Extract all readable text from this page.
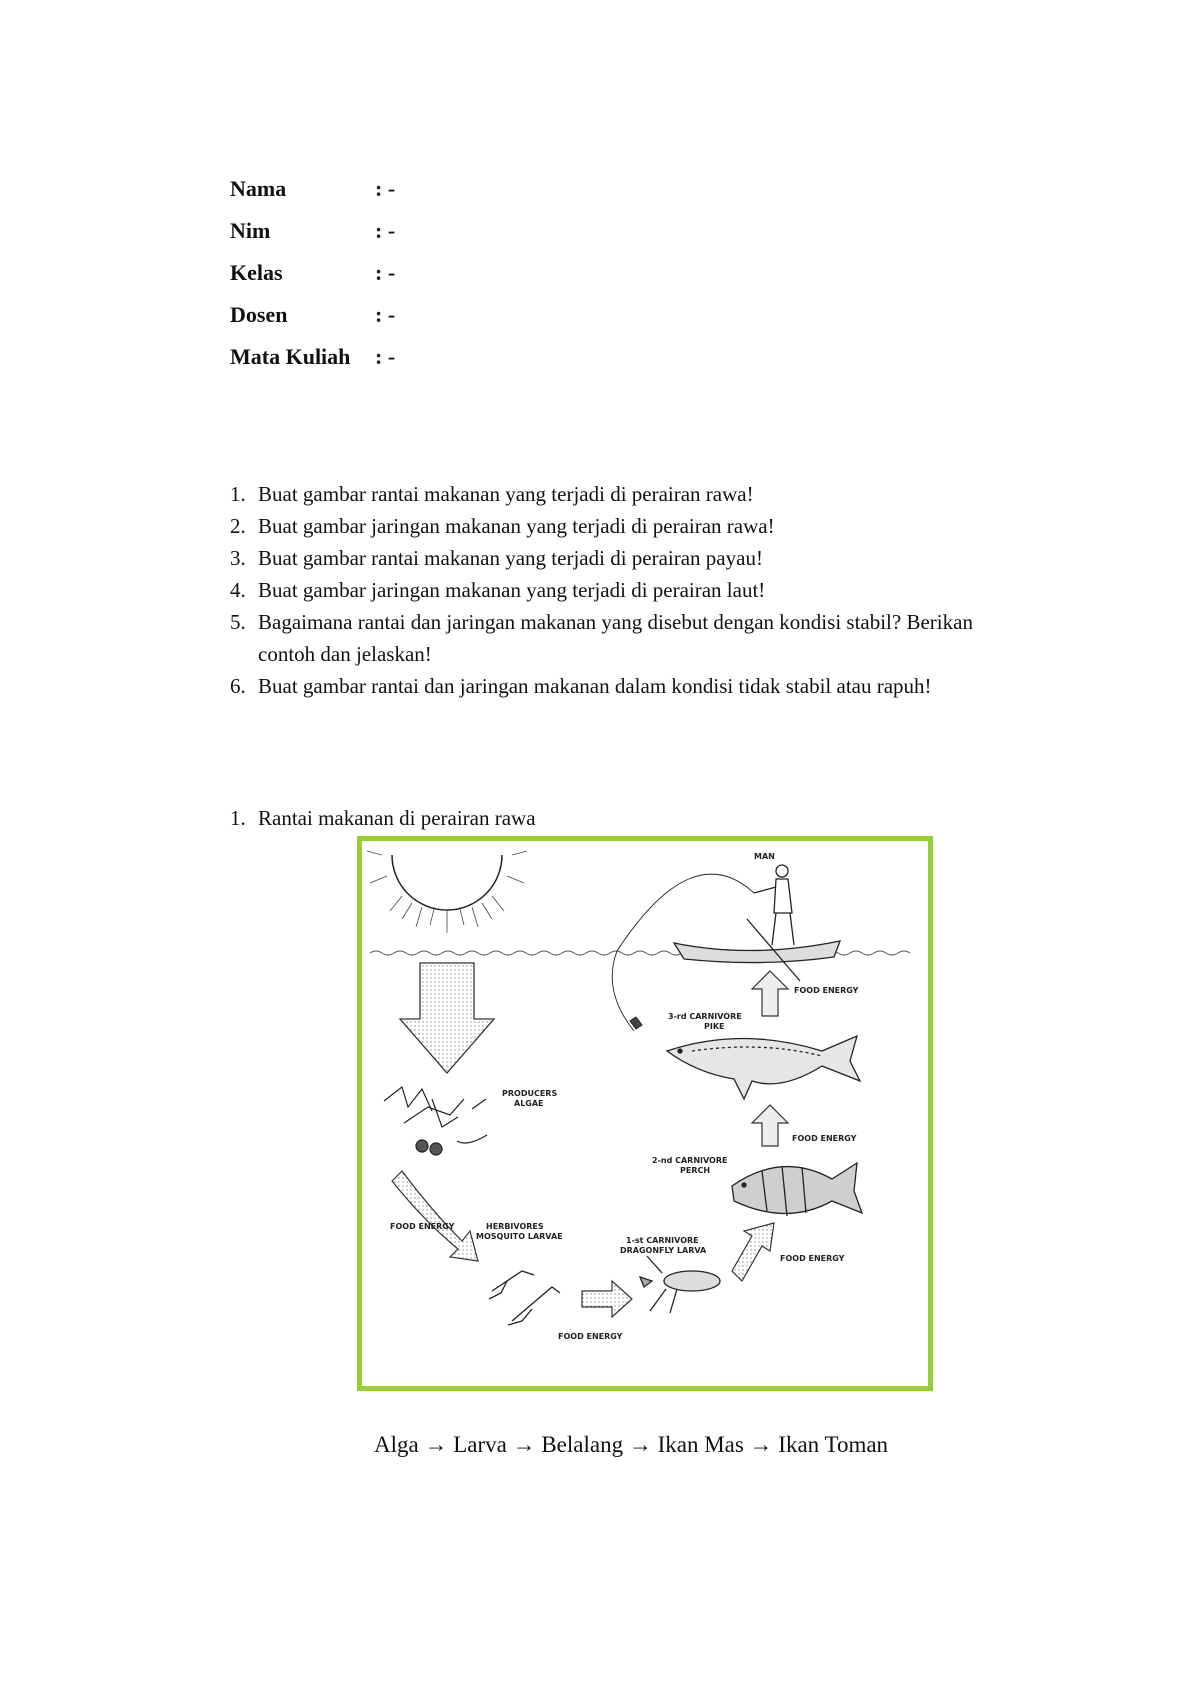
Nama	: -
Nim	: -
Kelas	: -
Dosen	: -
Mata Kuliah	: -
1. Buat gambar rantai makanan yang terjadi di perairan rawa!
2. Buat gambar jaringan makanan yang terjadi di perairan rawa!
3. Buat gambar rantai makanan yang terjadi di perairan payau!
4. Buat gambar jaringan makanan yang terjadi di perairan laut!
5. Bagaimana rantai dan jaringan makanan yang disebut dengan kondisi stabil? Berikan contoh dan jelaskan!
6. Buat gambar rantai dan jaringan makanan dalam kondisi tidak stabil atau rapuh!
1. Rantai makanan di perairan rawa
MAN
FOOD ENERGY
3-rd CARNIVORE
PIKE
PRODUCERS
ALGAE
FOOD ENERGY
2-nd CARNIVORE
PERCH
FOOD ENERGY	HERBIVORES
MOSQUITO LARVAE	1-st CARNIVORE
DRAGONFLY LARVA
FOOD ENERGY
FOOD ENERGY
Alga → Larva → Belalang → Ikan Mas → Ikan Toman
